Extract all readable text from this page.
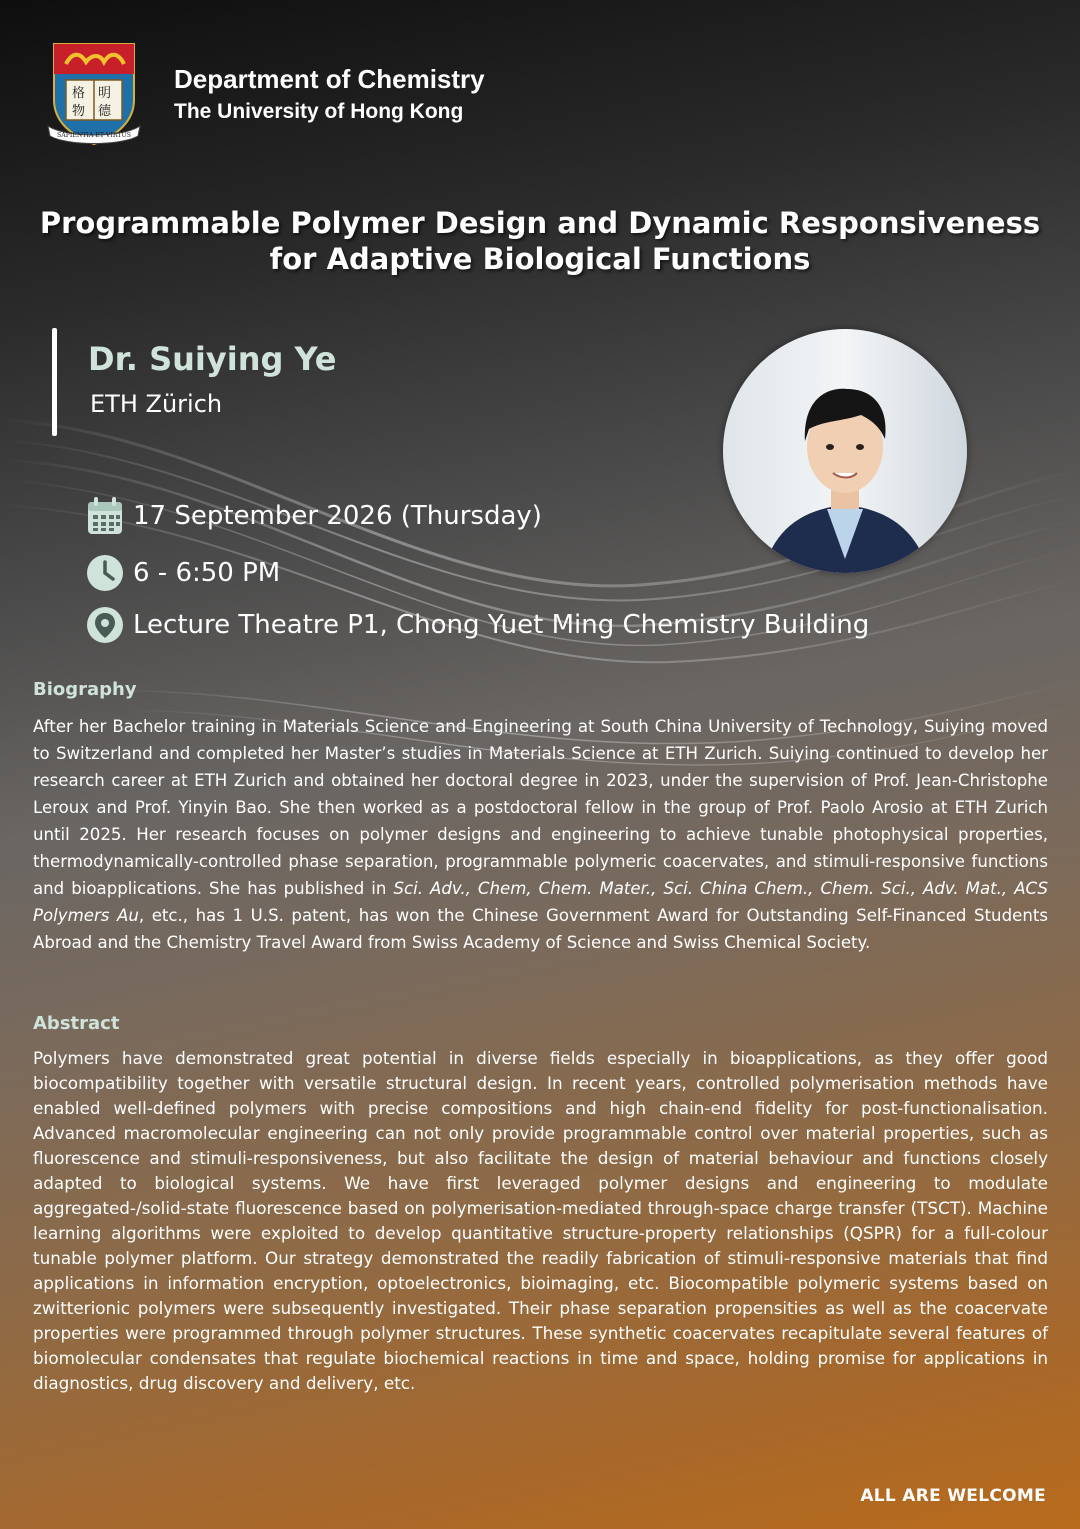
格 明
物 德
SAPIENTIA ET VIRTUS
Department of Chemistry
The University of Hong Kong
Programmable Polymer Design and Dynamic Responsiveness
for Adaptive Biological Functions
Dr. Suiying Ye
ETH Zürich
17 September 2026 (Thursday)
6 - 6:50 PM
Lecture Theatre P1, Chong Yuet Ming Chemistry Building
Biography
After her Bachelor training in Materials Science and Engineering at South China University of Technology, Suiying moved to Switzerland and completed her Master’s studies in Materials Science at ETH Zurich. Suiying continued to develop her research career at ETH Zurich and obtained her doctoral degree in 2023, under the supervision of Prof. Jean-Christophe Leroux and Prof. Yinyin Bao. She then worked as a postdoctoral fellow in the group of Prof. Paolo Arosio at ETH Zurich until 2025. Her research focuses on polymer designs and engineering to achieve tunable photophysical properties, thermodynamically-controlled phase separation, programmable polymeric coacervates, and stimuli-responsive functions and bioapplications. She has published in Sci. Adv., Chem, Chem. Mater., Sci. China Chem., Chem. Sci., Adv. Mat., ACS Polymers Au, etc., has 1 U.S. patent, has won the Chinese Government Award for Outstanding Self-Financed Students Abroad and the Chemistry Travel Award from Swiss Academy of Science and Swiss Chemical Society.
Abstract
Polymers have demonstrated great potential in diverse fields especially in bioapplications, as they offer good biocompatibility together with versatile structural design. In recent years, controlled polymerisation methods have enabled well-defined polymers with precise compositions and high chain-end fidelity for post-functionalisation. Advanced macromolecular engineering can not only provide programmable control over material properties, such as fluorescence and stimuli-responsiveness, but also facilitate the design of material behaviour and functions closely adapted to biological systems. We have first leveraged polymer designs and engineering to modulate aggregated-/solid-state fluorescence based on polymerisation-mediated through-space charge transfer (TSCT). Machine learning algorithms were exploited to develop quantitative structure-property relationships (QSPR) for a full-colour tunable polymer platform. Our strategy demonstrated the readily fabrication of stimuli-responsive materials that find applications in information encryption, optoelectronics, bioimaging, etc. Biocompatible polymeric systems based on zwitterionic polymers were subsequently investigated. Their phase separation propensities as well as the coacervate properties were programmed through polymer structures. These synthetic coacervates recapitulate several features of biomolecular condensates that regulate biochemical reactions in time and space, holding promise for applications in diagnostics, drug discovery and delivery, etc.
ALL ARE WELCOME
